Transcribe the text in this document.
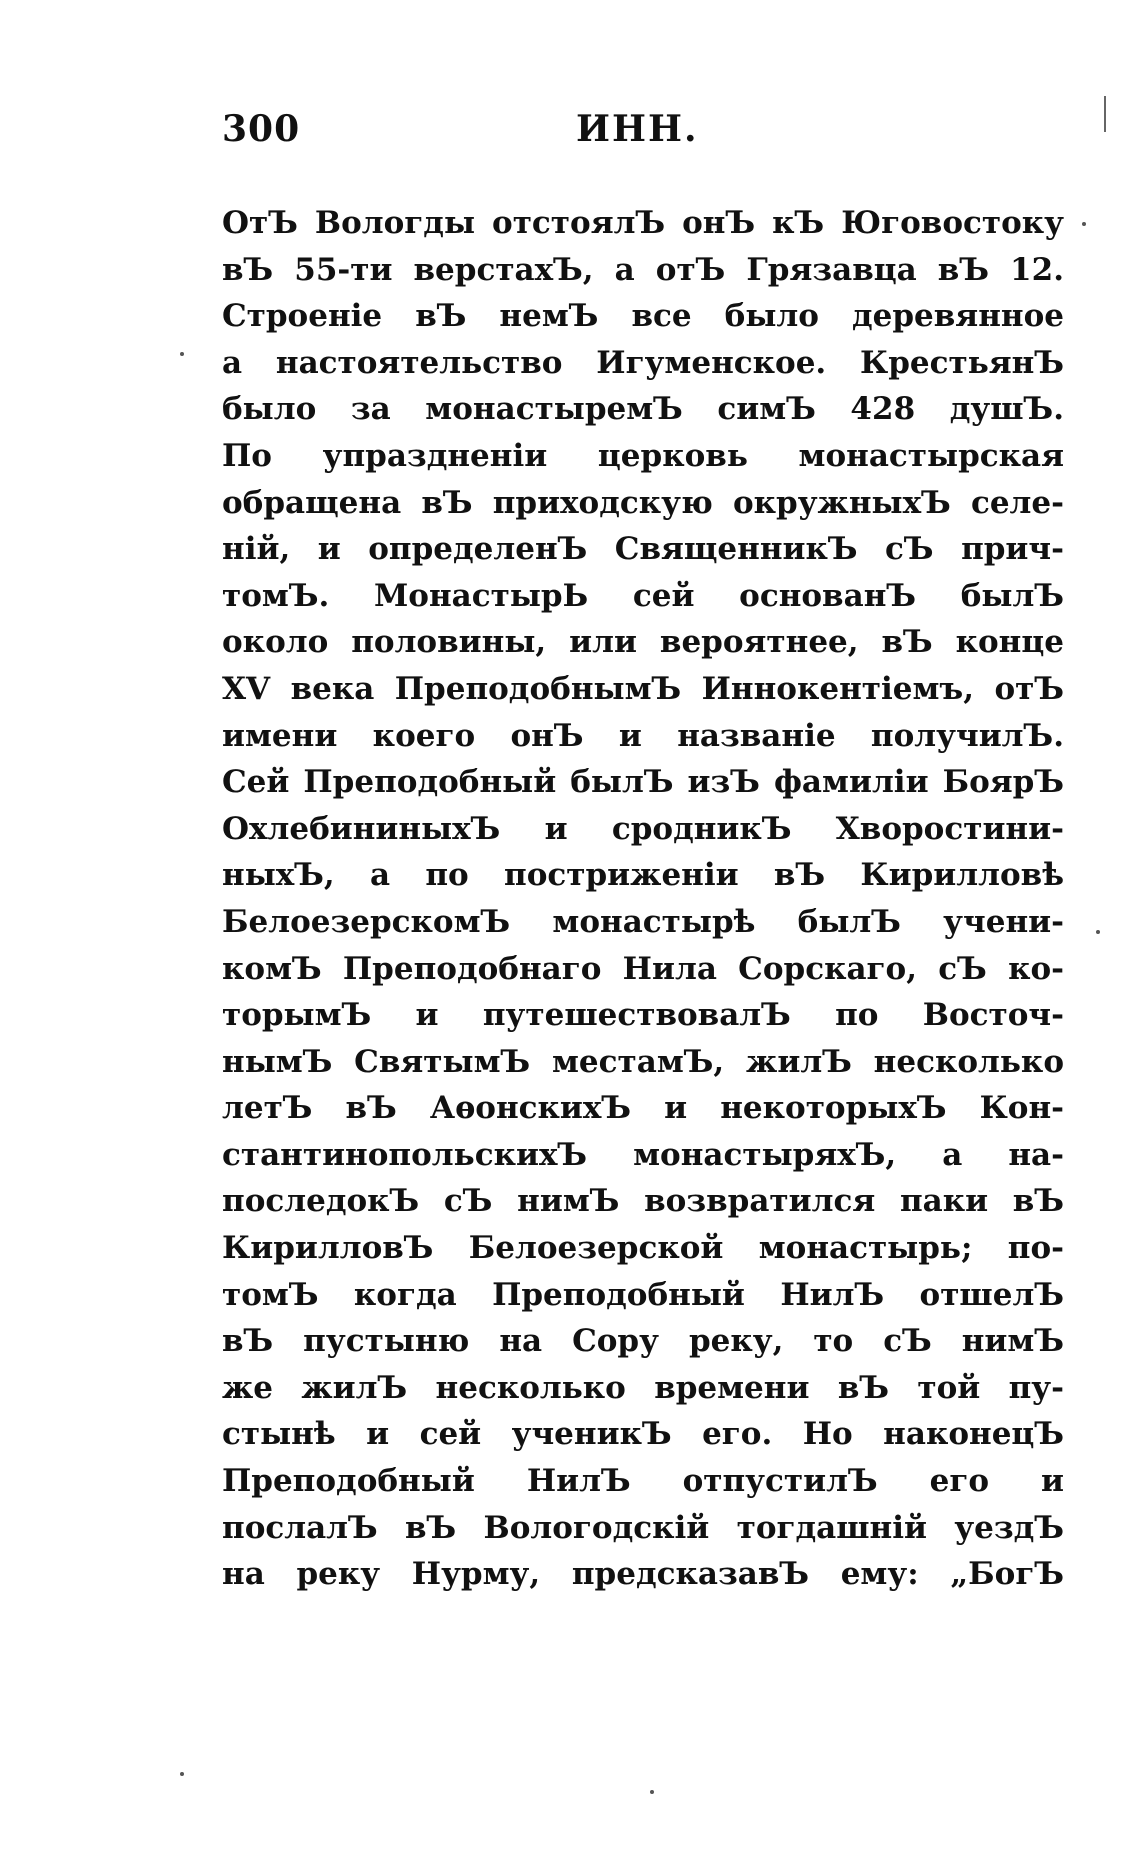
300	ИНН.
ОтЪ Вологды отстоялЪ онЪ кЪ Юговостоку
вЪ 55-ти верстахЪ, а отЪ Грязавца вЪ 12.
Строеніе вЪ немЪ все было деревянное
а настоятельство Игуменское. КрестьянЪ
было за монастыремЪ симЪ 428 душЪ.
По упраздненіи церковь монастырская
обращена вЪ приходскую окружныхЪ селе-
ній, и определенЪ СвященникЪ сЪ прич-
томЪ. МонастырЬ сей основанЪ былЪ
около половины, или вероятнее, вЪ конце
XV века ПреподобнымЪ Иннокентіемъ, отЪ
имени коего онЪ и названіе получилЪ.
Сей Преподобный былЪ изЪ фамиліи БоярЪ
ОхлебининыхЪ и сродникЪ Хворостини-
ныхЪ, а по постриженіи вЪ Кирилловѣ
БелоезерскомЪ монастырѣ былЪ учени-
комЪ Преподобнаго Нила Сорскаго, сЪ ко-
торымЪ и путешествовалЪ по Восточ-
нымЪ СвятымЪ местамЪ, жилЪ несколько
летЪ вЪ АѳонскихЪ и некоторыхЪ Кон-
стантинопольскихЪ монастыряхЪ, а на-
последокЪ сЪ нимЪ возвратился паки вЪ
КирилловЪ Белоезерской монастырь; по-
томЪ когда Преподобный НилЪ отшелЪ
вЪ пустыню на Сору реку, то сЪ нимЪ
же жилЪ несколько времени вЪ той пу-
стынѣ и сей ученикЪ его. Но наконецЪ
Преподобный НилЪ отпустилЪ его и
послалЪ вЪ Вологодскій тогдашній уездЪ
на реку Нурму, предсказавЪ ему: „БогЪ
